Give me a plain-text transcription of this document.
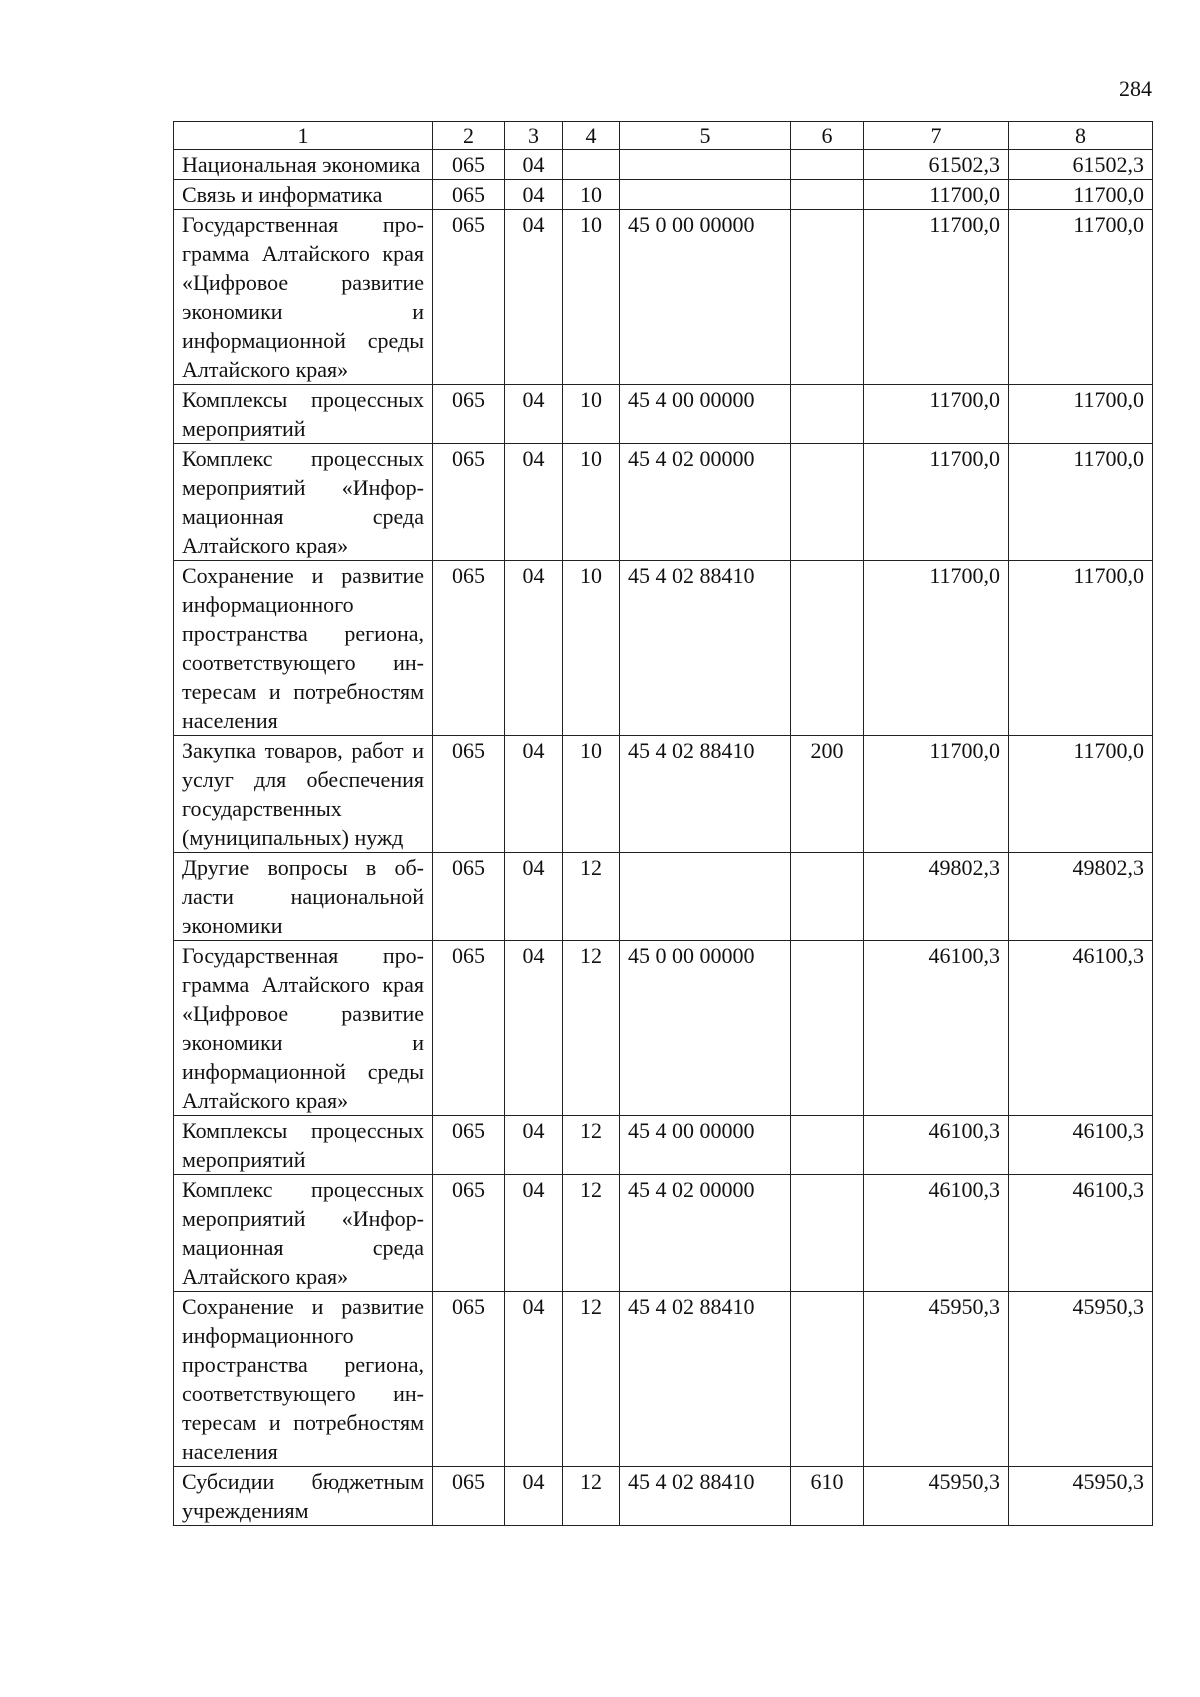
284
1	2	3	4	5	6	7	8
Национальная экономика	065	04				61502,3	61502,3
Связь и информатика	065	04	10			11700,0	11700,0
Государственная программа Алтайского края «Цифровое развитие экономики и информационной среды Алтайского края»	065	04	10	45 0 00 00000		11700,0	11700,0
Комплексы процессных мероприятий	065	04	10	45 4 00 00000		11700,0	11700,0
Комплекс процессных мероприятий «Информационная среда Алтайского края»	065	04	10	45 4 02 00000		11700,0	11700,0
Сохранение и развитие информационного пространства региона, соответствующего интересам и потребностям населения	065	04	10	45 4 02 88410		11700,0	11700,0
Закупка товаров, работ и услуг для обеспечения государственных (муниципальных) нужд	065	04	10	45 4 02 88410	200	11700,0	11700,0
Другие вопросы в области национальной экономики	065	04	12			49802,3	49802,3
Государственная программа Алтайского края «Цифровое развитие экономики и информационной среды Алтайского края»	065	04	12	45 0 00 00000		46100,3	46100,3
Комплексы процессных мероприятий	065	04	12	45 4 00 00000		46100,3	46100,3
Комплекс процессных мероприятий «Информационная среда Алтайского края»	065	04	12	45 4 02 00000		46100,3	46100,3
Сохранение и развитие информационного пространства региона, соответствующего интересам и потребностям населения	065	04	12	45 4 02 88410		45950,3	45950,3
Субсидии бюджетным учреждениям	065	04	12	45 4 02 88410	610	45950,3	45950,3
